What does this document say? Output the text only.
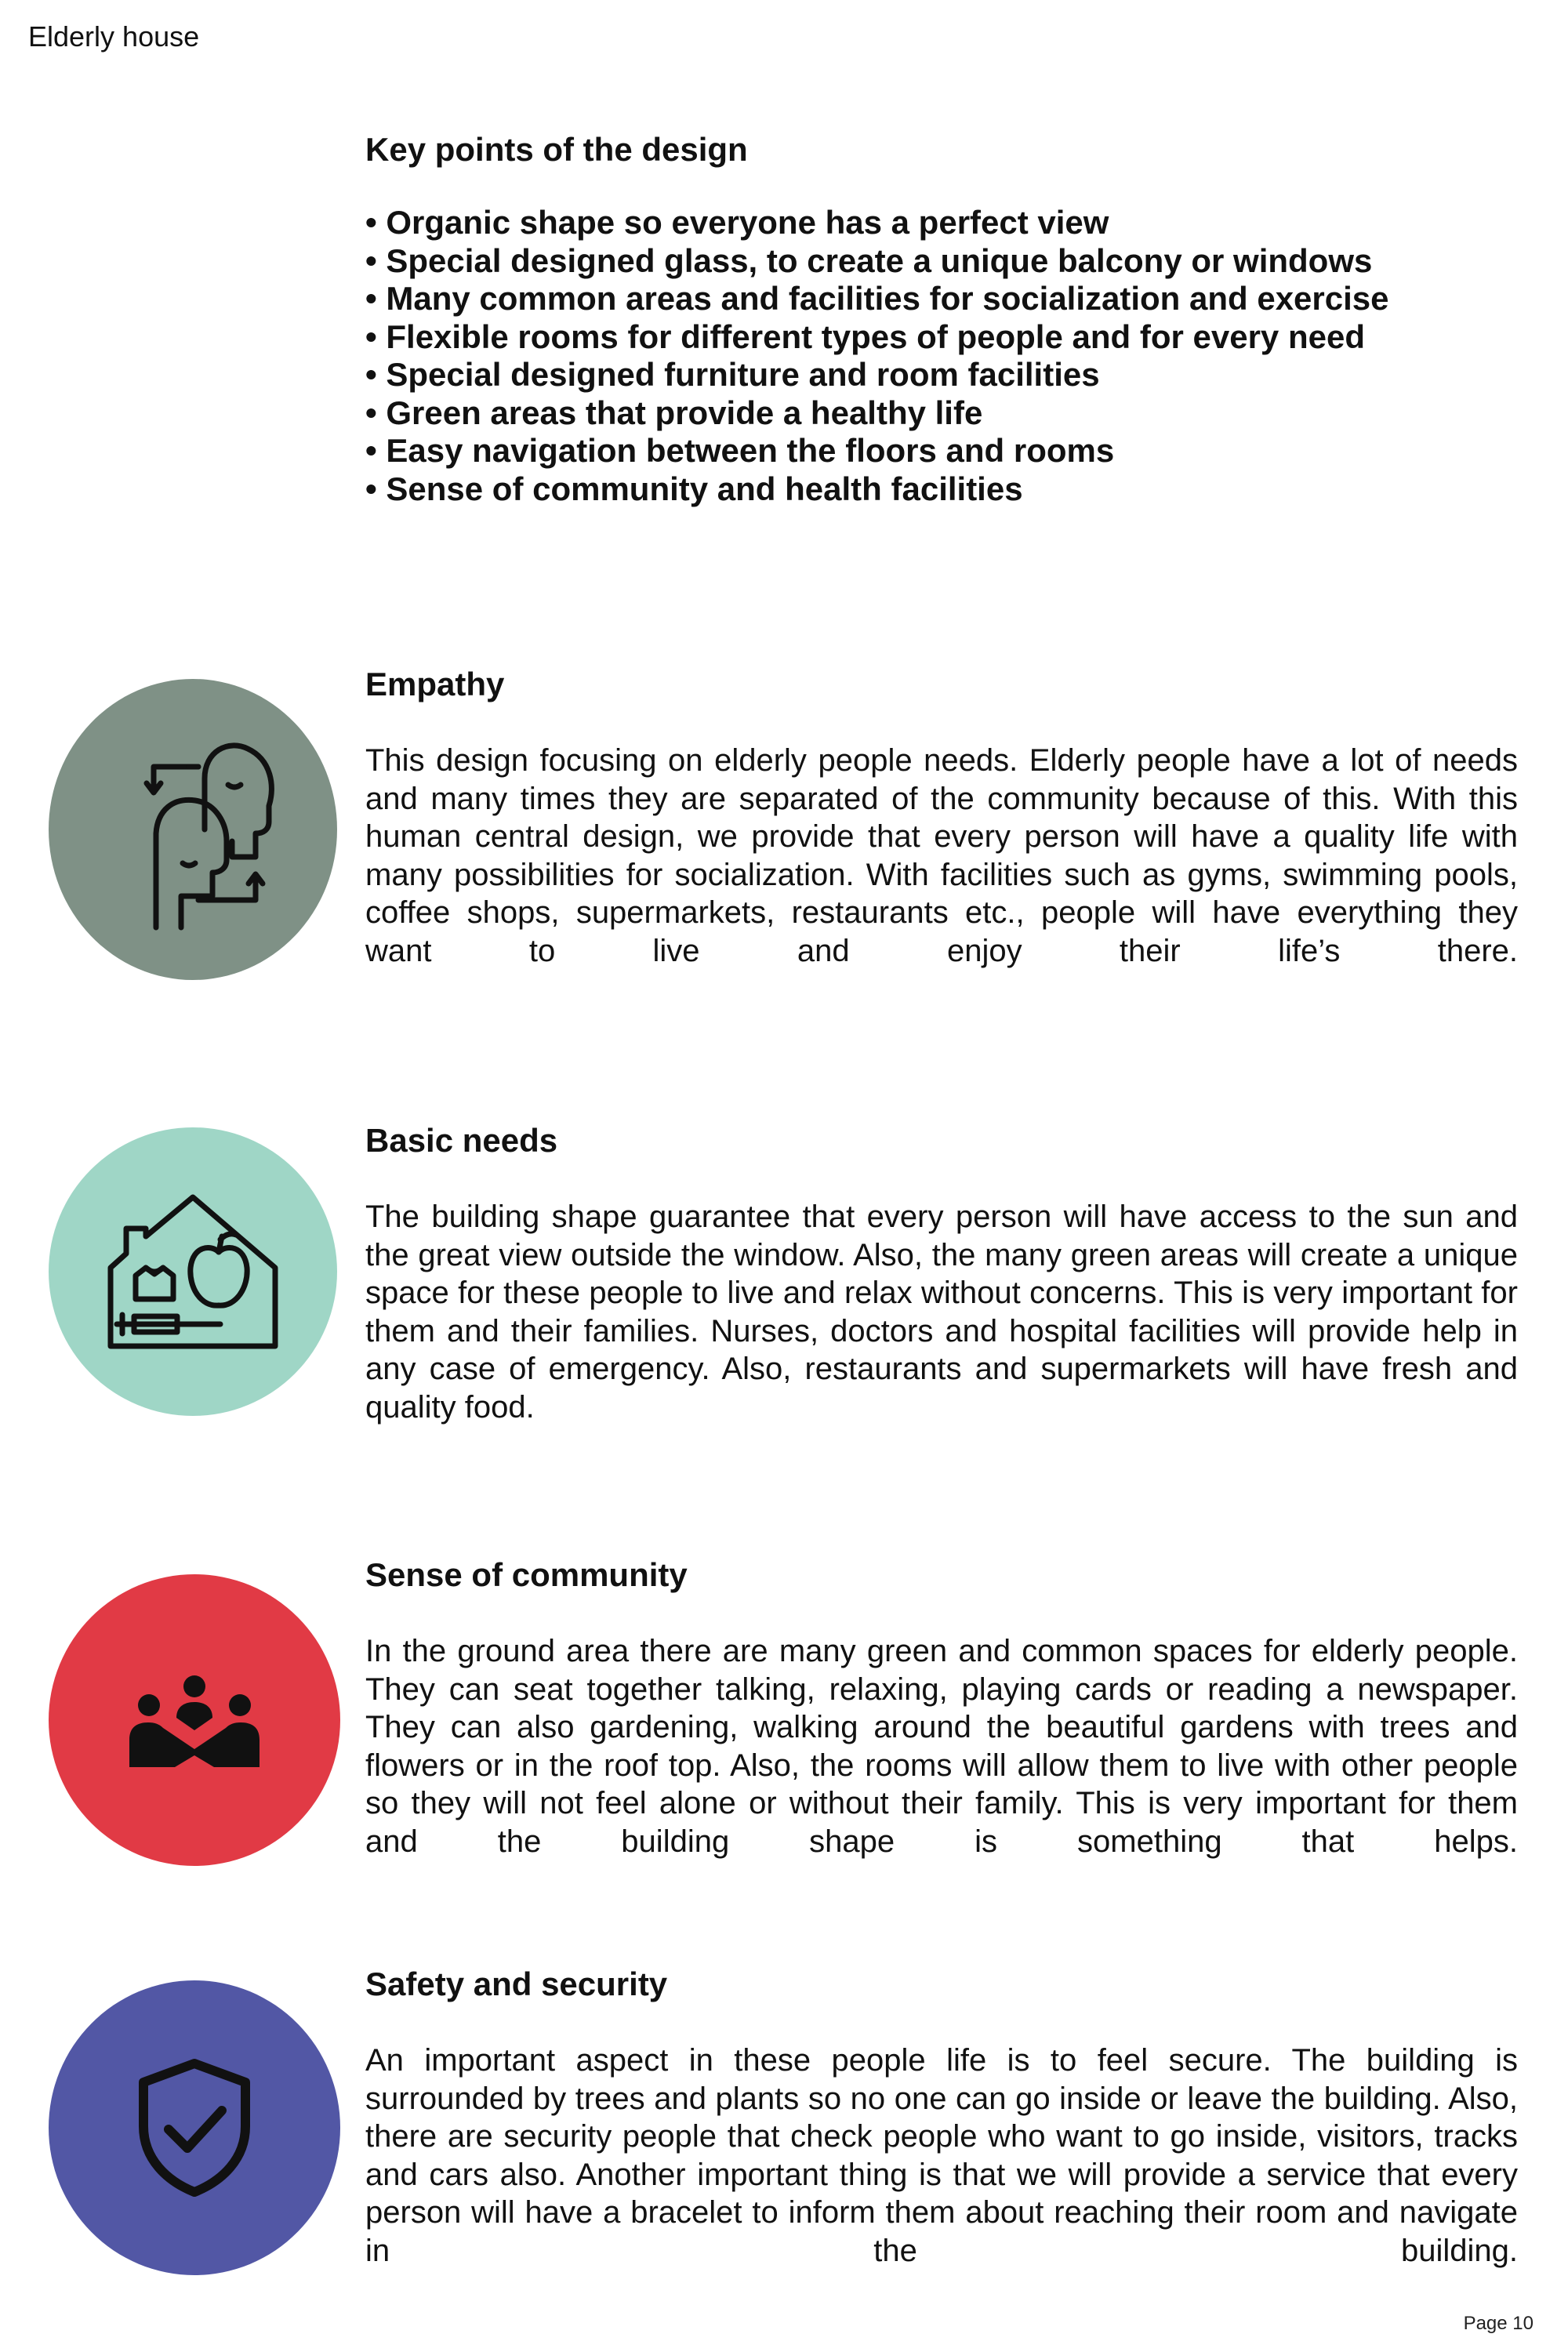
Elderly house
Key points of the design
• Organic shape so everyone has a perfect view
• Special designed glass, to create a unique balcony or windows
• Many common areas and facilities for socialization and exercise
• Flexible rooms for different types of people and for every need
• Special designed furniture and room facilities
• Green areas that provide a healthy life
• Easy navigation between the floors and rooms
• Sense of community and health facilities
Empathy

This design focusing on elderly people needs. Elderly people have a lot of needs and many times they are separated of the community because of this. With this human central design, we provide that every person will have a quality life with many possibilities for socialization. With facilities such as gyms, swimming pools, coffee shops, supermarkets, restaurants etc., people will have everything they want to live and enjoy their life’s there.

Basic needs

The building shape guarantee that every person will have access to the sun and the great view outside the window. Also, the many green areas will create a unique space for these people to live and relax without concerns. This is very important for them and their families. Nurses, doctors and hospital facilities will provide help in any case of emergency. Also, restaurants and supermarkets will have fresh and quality food.

Sense of community

In the ground area there are many green and common spaces for elderly people. They can seat together talking, relaxing, playing cards or reading a newspaper. They can also gardening, walking around the beautiful gardens with trees and flowers or in the roof top. Also, the rooms will allow them to live with other people so they will not feel alone or without their family. This is very important for them and the building shape is something that helps.

Safety and security

An important aspect in these people life is to feel secure. The building is surrounded by trees and plants so no one can go inside or leave the building. Also, there are security people that check people who want to go inside, visitors, tracks and cars also. Another important thing is that we will provide a service that every person will have a bracelet to inform them about reaching their room and navigate in the building.

Page 10
